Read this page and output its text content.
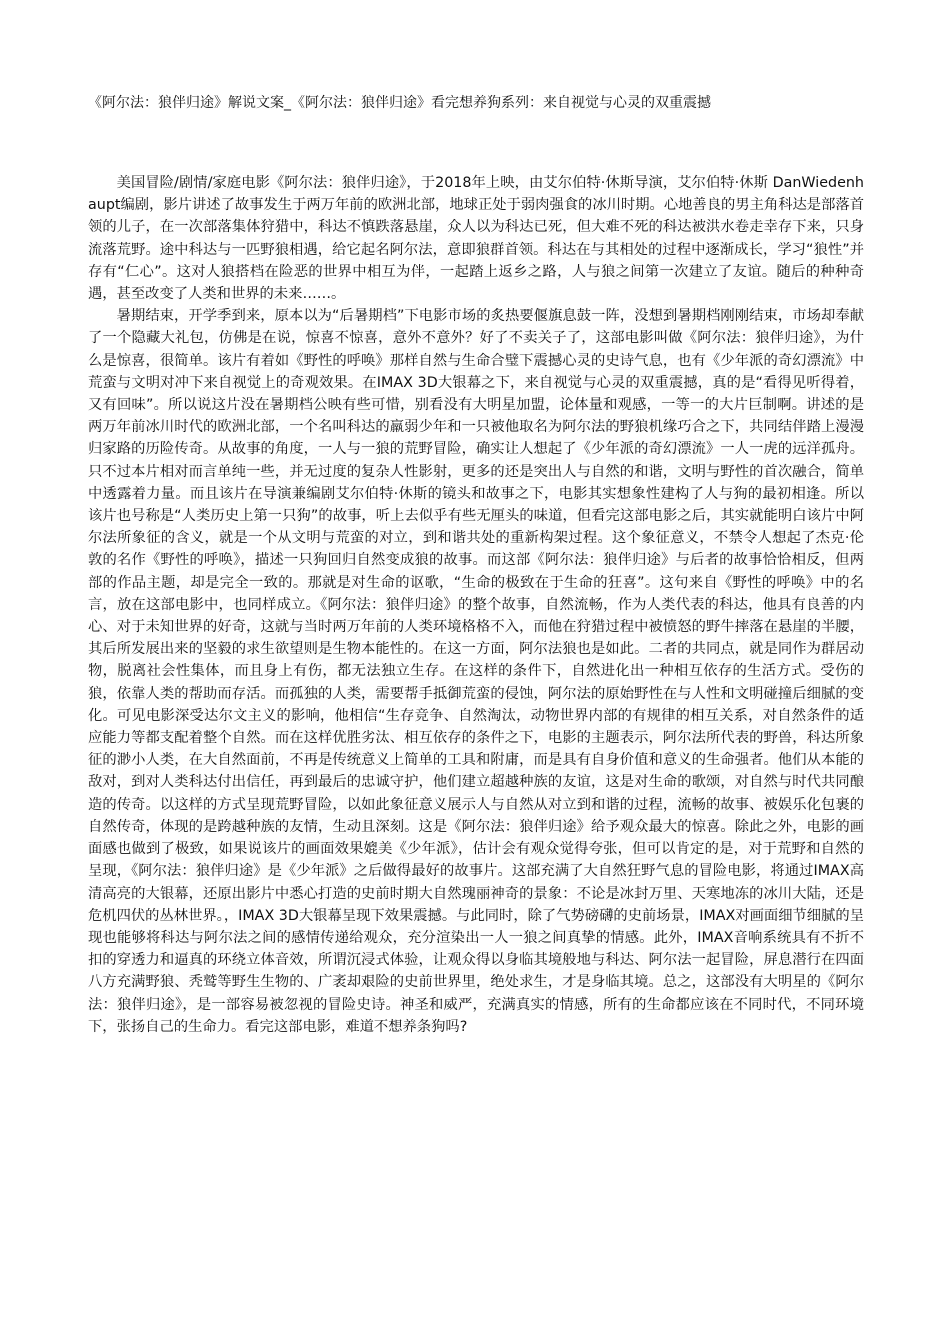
《阿尔法：狼伴归途》解说文案_《阿尔法：狼伴归途》看完想养狗系列：来自视觉与心灵的双重震撼

美国冒险/剧情/家庭电影《阿尔法：狼伴归途》，于2018年上映，由艾尔伯特·休斯导演，艾尔伯特·休斯 DanWiedenhaupt编剧，影片讲述了故事发生于两万年前的欧洲北部，地球正处于弱肉强食的冰川时期。心地善良的男主角科达是部落首领的儿子，在一次部落集体狩猎中，科达不慎跌落悬崖，众人以为科达已死，但大难不死的科达被洪水卷走幸存下来，只身流落荒野。途中科达与一匹野狼相遇，给它起名阿尔法，意即狼群首领。科达在与其相处的过程中逐渐成长，学习“狼性”并存有“仁心”。这对人狼搭档在险恶的世界中相互为伴，一起踏上返乡之路，人与狼之间第一次建立了友谊。随后的种种奇遇，甚至改变了人类和世界的未来……。

暑期结束，开学季到来，原本以为“后暑期档”下电影市场的炙热要偃旗息鼓一阵，没想到暑期档刚刚结束，市场却奉献了一个隐藏大礼包，仿佛是在说，惊喜不惊喜，意外不意外？好了不卖关子了，这部电影叫做《阿尔法：狼伴归途》，为什么是惊喜，很简单。该片有着如《野性的呼唤》那样自然与生命合璧下震撼心灵的史诗气息，也有《少年派的奇幻漂流》中荒蛮与文明对冲下来自视觉上的奇观效果。在IMAX 3D大银幕之下，来自视觉与心灵的双重震撼，真的是“看得见听得着，又有回味”。所以说这片没在暑期档公映有些可惜，别看没有大明星加盟，论体量和观感，一等一的大片巨制啊。讲述的是两万年前冰川时代的欧洲北部，一个名叫科达的羸弱少年和一只被他取名为阿尔法的野狼机缘巧合之下，共同结伴踏上漫漫归家路的历险传奇。从故事的角度，一人与一狼的荒野冒险，确实让人想起了《少年派的奇幻漂流》一人一虎的远洋孤舟。只不过本片相对而言单纯一些，并无过度的复杂人性影射，更多的还是突出人与自然的和谐，文明与野性的首次融合，简单中透露着力量。而且该片在导演兼编剧艾尔伯特·休斯的镜头和故事之下，电影其实想象性建构了人与狗的最初相逢。所以该片也号称是“人类历史上第一只狗”的故事，听上去似乎有些无厘头的味道，但看完这部电影之后，其实就能明白该片中阿尔法所象征的含义，就是一个从文明与荒蛮的对立，到和谐共处的重新构架过程。这个象征意义，不禁令人想起了杰克·伦敦的名作《野性的呼唤》，描述一只狗回归自然变成狼的故事。而这部《阿尔法：狼伴归途》与后者的故事恰恰相反，但两部的作品主题，却是完全一致的。那就是对生命的讴歌，“生命的极致在于生命的狂喜”。这句来自《野性的呼唤》中的名言，放在这部电影中，也同样成立。《阿尔法：狼伴归途》的整个故事，自然流畅，作为人类代表的科达，他具有良善的内心、对于未知世界的好奇，这就与当时两万年前的人类环境格格不入，而他在狩猎过程中被愤怒的野牛摔落在悬崖的半腰，其后所发展出来的坚毅的求生欲望则是生物本能性的。在这一方面，阿尔法狼也是如此。二者的共同点，就是同作为群居动物，脱离社会性集体，而且身上有伤，都无法独立生存。在这样的条件下，自然进化出一种相互依存的生活方式。受伤的狼，依靠人类的帮助而存活。而孤独的人类，需要帮手抵御荒蛮的侵蚀，阿尔法的原始野性在与人性和文明碰撞后细腻的变化。可见电影深受达尔文主义的影响，他相信“生存竞争、自然淘汰，动物世界内部的有规律的相互关系，对自然条件的适应能力等都支配着整个自然。而在这样优胜劣汰、相互依存的条件之下，电影的主题表示，阿尔法所代表的野兽，科达所象征的渺小人类，在大自然面前，不再是传统意义上简单的工具和附庸，而是具有自身价值和意义的生命强者。他们从本能的敌对，到对人类科达付出信任，再到最后的忠诚守护，他们建立超越种族的友谊，这是对生命的歌颂，对自然与时代共同酿造的传奇。以这样的方式呈现荒野冒险，以如此象征意义展示人与自然从对立到和谐的过程，流畅的故事、被娱乐化包裹的自然传奇，体现的是跨越种族的友情，生动且深刻。这是《阿尔法：狼伴归途》给予观众最大的惊喜。除此之外，电影的画面感也做到了极致，如果说该片的画面效果媲美《少年派》，估计会有观众觉得夸张，但可以肯定的是，对于荒野和自然的呈现，《阿尔法：狼伴归途》是《少年派》之后做得最好的故事片。这部充满了大自然狂野气息的冒险电影，将通过IMAX高清高亮的大银幕，还原出影片中悉心打造的史前时期大自然瑰丽神奇的景象：不论是冰封万里、天寒地冻的冰川大陆，还是危机四伏的丛林世界。，IMAX 3D大银幕呈现下效果震撼。与此同时，除了气势磅礴的史前场景，IMAX对画面细节细腻的呈现也能够将科达与阿尔法之间的感情传递给观众，充分渲染出一人一狼之间真挚的情感。此外，IMAX音响系统具有不折不扣的穿透力和逼真的环绕立体音效，所谓沉浸式体验，让观众得以身临其境般地与科达、阿尔法一起冒险，屏息潜行在四面八方充满野狼、秃鹫等野生生物的、广袤却艰险的史前世界里，绝处求生，才是身临其境。总之，这部没有大明星的《阿尔法：狼伴归途》，是一部容易被忽视的冒险史诗。神圣和威严，充满真实的情感，所有的生命都应该在不同时代，不同环境下，张扬自己的生命力。看完这部电影，难道不想养条狗吗?
